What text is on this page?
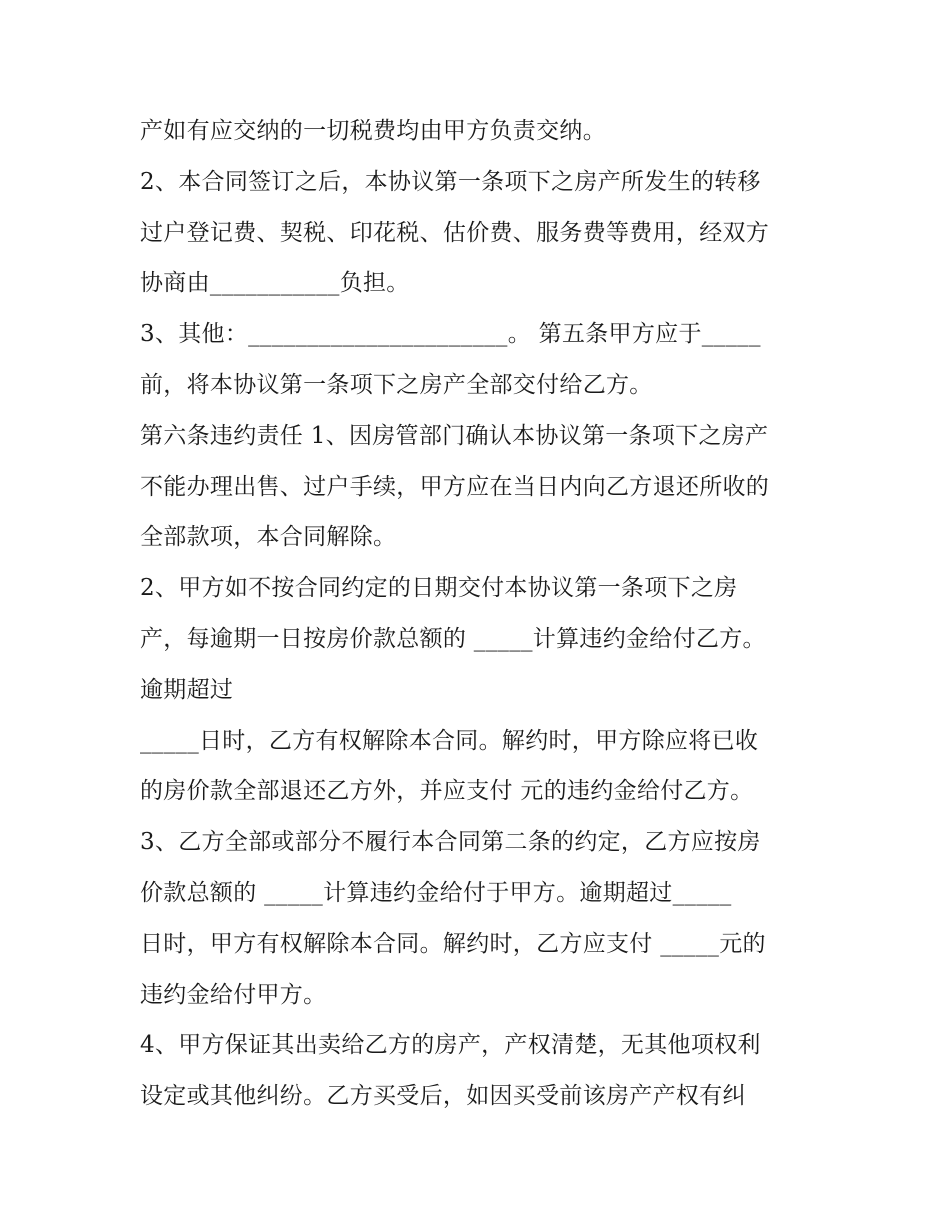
产如有应交纳的一切税费均由甲方负责交纳。
2、本合同签订之后，本协议第一条项下之房产所发生的转移
过户登记费、契税、印花税、估价费、服务费等费用，经双方
协商由___________负担。
3、其他：______________________。 第五条甲方应于_____
前，将本协议第一条项下之房产全部交付给乙方。
第六条违约责任 1、因房管部门确认本协议第一条项下之房产
不能办理出售、过户手续，甲方应在当日内向乙方退还所收的
全部款项，本合同解除。
2、甲方如不按合同约定的日期交付本协议第一条项下之房
产，每逾期一日按房价款总额的 _____计算违约金给付乙方。
逾期超过
_____日时，乙方有权解除本合同。解约时，甲方除应将已收
的房价款全部退还乙方外，并应支付 元的违约金给付乙方。
3、乙方全部或部分不履行本合同第二条的约定，乙方应按房
价款总额的 _____计算违约金给付于甲方。逾期超过_____
日时，甲方有权解除本合同。解约时，乙方应支付 _____元的
违约金给付甲方。
4、甲方保证其出卖给乙方的房产，产权清楚，无其他项权利
设定或其他纠纷。乙方买受后，如因买受前该房产产权有纠
